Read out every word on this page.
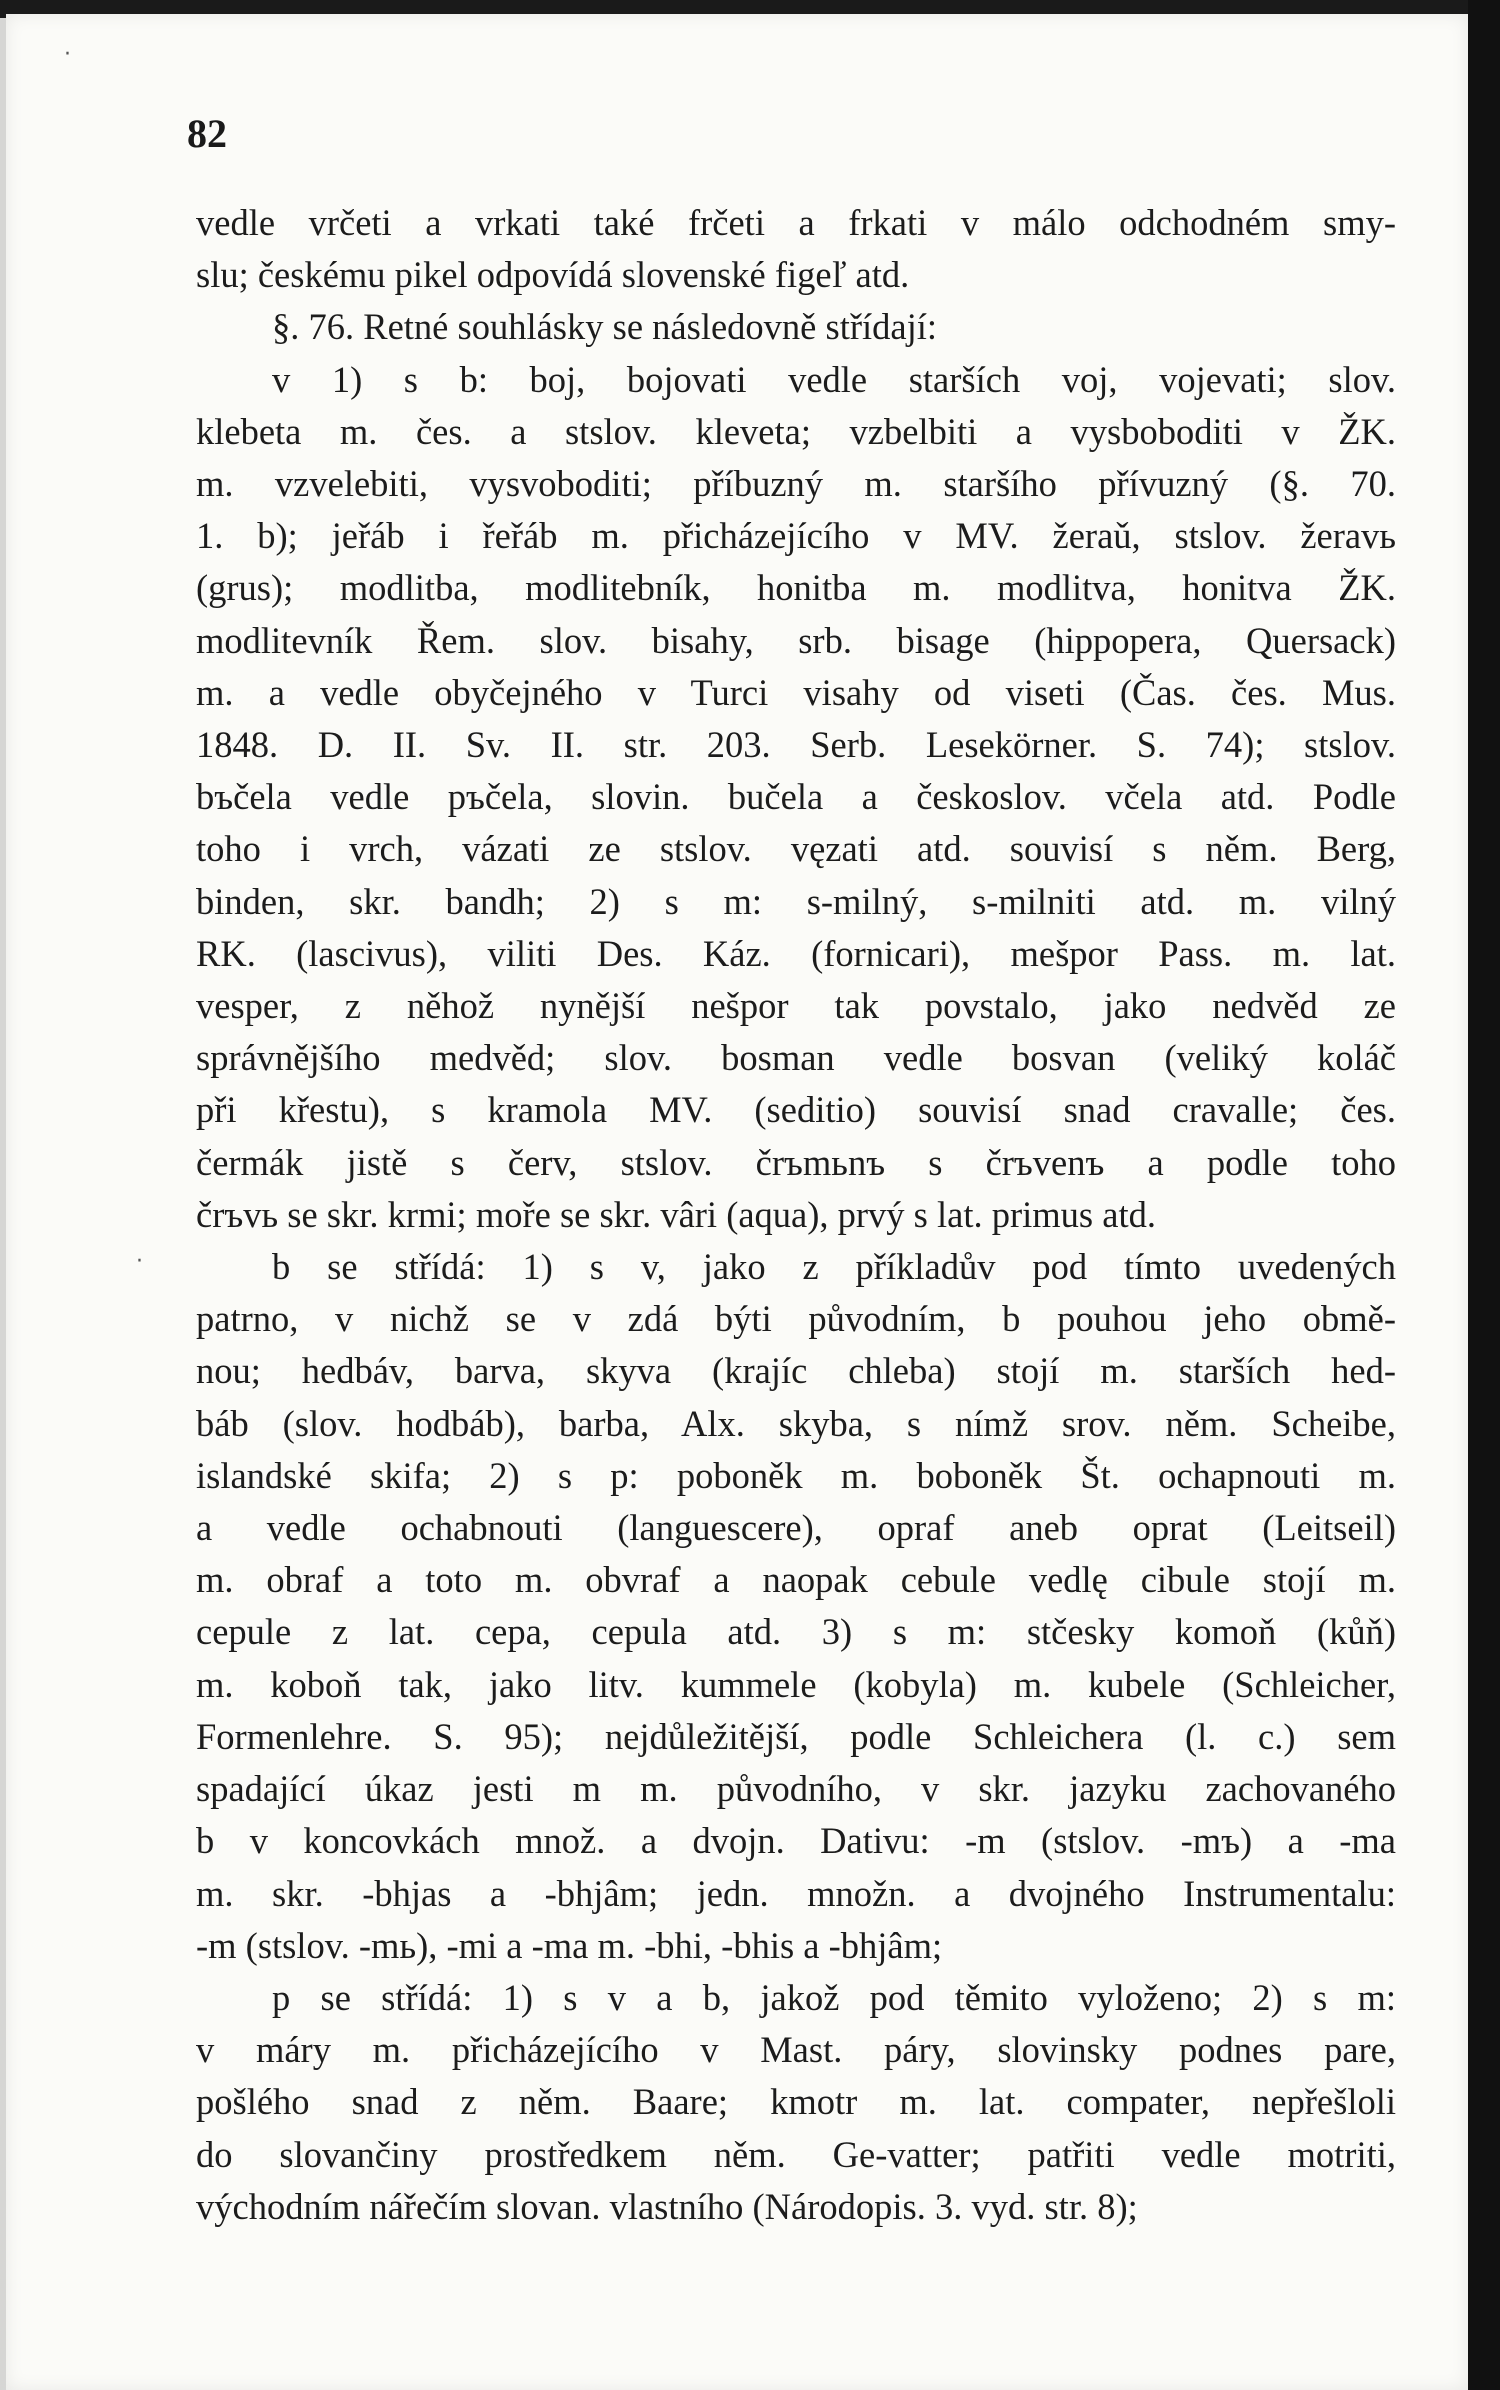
82
·
·
vedle vrčeti a vrkati také frčeti a frkati v málo odchodném smy-
slu; českému pikel odpovídá slovenské figeľ atd.
§. 76. Retné souhlásky se následovně střídají:
v 1) s b: boj, bojovati vedle starších voj, vojevati; slov.
klebeta m. čes. a stslov. kleveta; vzbelbiti a vysboboditi v ŽK.
m. vzvelebiti, vysvoboditi; příbuzný m. staršího přívuzný (§. 70.
1. b); jeřáb i řeřáb m. přicházejícího v MV. žeraǔ, stslov. žeravь
(grus); modlitba, modlitebník, honitba m. modlitva, honitva ŽK.
modlitevník Řem. slov. bisahy, srb. bisage (hippopera, Quersack)
m. a vedle obyčejného v Turci visahy od viseti (Čas. čes. Mus.
1848. D. II. Sv. II. str. 203. Serb. Lesekörner. S. 74); stslov.
bъčela vedle pъčela, slovin. bučela a českoslov. včela atd. Podle
toho i vrch, vázati ze stslov. vęzati atd. souvisí s něm. Berg,
binden, skr. bandh; 2) s m: s-milný, s-milniti atd. m. vilný
RK. (lascivus), viliti Des. Káz. (fornicari), mešpor Pass. m. lat.
vesper, z něhož nynější nešpor tak povstalo, jako nedvěd ze
správnějšího medvěd; slov. bosman vedle bosvan (veliký koláč
při křestu), s kramola MV. (seditio) souvisí snad cravalle; čes.
čermák jistě s červ, stslov. črъmьnъ s črъvenъ a podle toho
črъvь se skr. krmi; moře se skr. vâri (aqua), prvý s lat. primus atd.
b se střídá: 1) s v, jako z příkladův pod tímto uvedených
patrno, v nichž se v zdá býti původním, b pouhou jeho obmě-
nou; hedbáv, barva, skyva (krajíc chleba) stojí m. starších hed-
báb (slov. hodbáb), barba, Alx. skyba, s nímž srov. něm. Scheibe,
islandské skifa; 2) s p: poboněk m. boboněk Št. ochapnouti m.
a vedle ochabnouti (languescere), opraf aneb oprat (Leitseil)
m. obraf a toto m. obvraf a naopak cebule vedlę cibule stojí m.
cepule z lat. cepa, cepula atd. 3) s m: stčesky komoň (kůň)
m. koboň tak, jako litv. kummele (kobyla) m. kubele (Schleicher,
Formenlehre. S. 95); nejdůležitější, podle Schleichera (l. c.) sem
spadající úkaz jesti m m. původního, v skr. jazyku zachovaného
b v koncovkách množ. a dvojn. Dativu: -m (stslov. -mъ) a -ma
m. skr. -bhjas a -bhjâm; jedn. množn. a dvojného Instrumentalu:
-m (stslov. -mь), -mi a -ma m. -bhi, -bhis a -bhjâm;
p se střídá: 1) s v a b, jakož pod těmito vyloženo; 2) s m:
v máry m. přicházejícího v Mast. páry, slovinsky podnes pare,
pošlého snad z něm. Baare; kmotr m. lat. compater, nepřešloli
do slovančiny prostředkem něm. Ge-vatter; patřiti vedle motriti,
východním nářečím slovan. vlastního (Národopis. 3. vyd. str. 8);
